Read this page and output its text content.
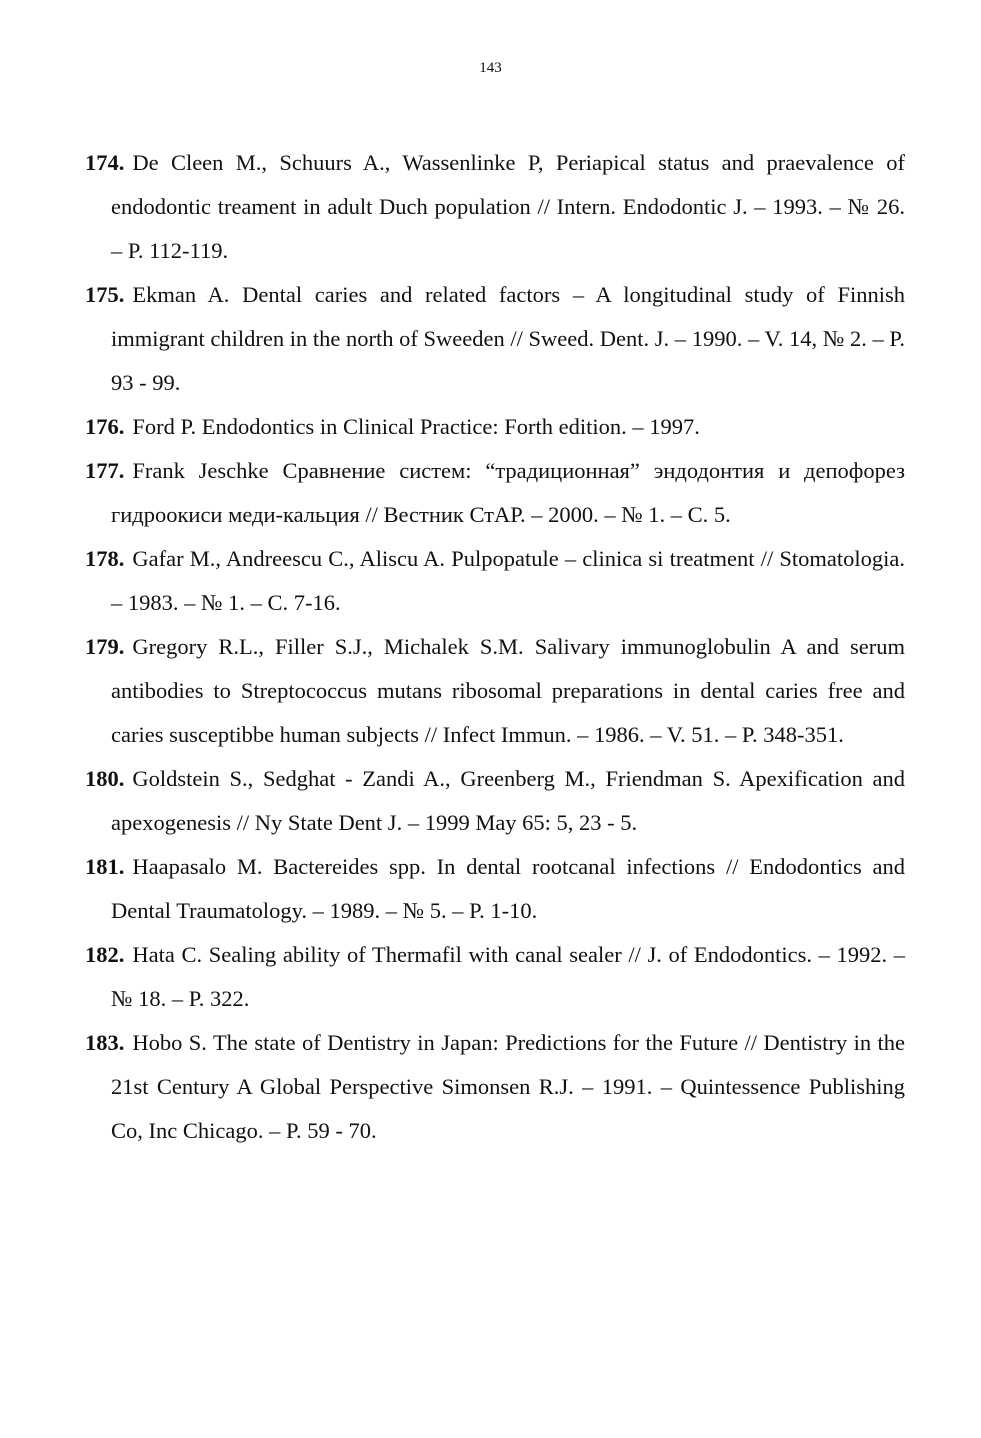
143
174. De Cleen M., Schuurs A., Wassenlinke P, Periapical status and praevalence of endodontic treament in adult Duch population // Intern. Endodontic J. – 1993. – № 26. – P. 112-119.
175. Ekman A. Dental caries and related factors – A longitudinal study of Finnish immigrant children in the north of Sweeden // Sweed. Dent. J. – 1990. – V. 14, № 2. – P. 93 - 99.
176. Ford P. Endodontics in Clinical Practice: Forth edition. – 1997.
177. Frank Jeschke Сравнение систем: “традиционная” эндодонтия и депофорез гидроокиси меди-кальция // Вестник СтАР. – 2000. – № 1. – С. 5.
178. Gafar M., Andreescu C., Aliscu A. Pulpopatule – clinica si treatment // Stomatologia. – 1983. – № 1. – С. 7-16.
179. Gregory R.L., Filler S.J., Michalek S.M. Salivary immunoglobulin A and serum antibodies to Streptococcus mutans ribosomal preparations in dental caries free and caries susceptibbe human subjects // Infect Immun. – 1986. – V. 51. – P. 348-351.
180. Goldstein S., Sedghat - Zandi A., Greenberg M., Friendman S. Apexification and apexogenesis // Ny State Dent J. – 1999 May 65: 5, 23 - 5.
181. Haapasalo M. Bactereides spp. In dental rootcanal infections // Endodontics and Dental Traumatology. – 1989. – № 5. – P. 1-10.
182. Hata C. Sealing ability of Thermafil with canal sealer // J. of Endodontics. – 1992. – № 18. – P. 322.
183. Hobo S. The state of Dentistry in Japan: Predictions for the Future // Dentistry in the 21st Century A Global Perspective Simonsen R.J. – 1991. – Quintessence Publishing Co, Inc Chicago. – P. 59 - 70.
